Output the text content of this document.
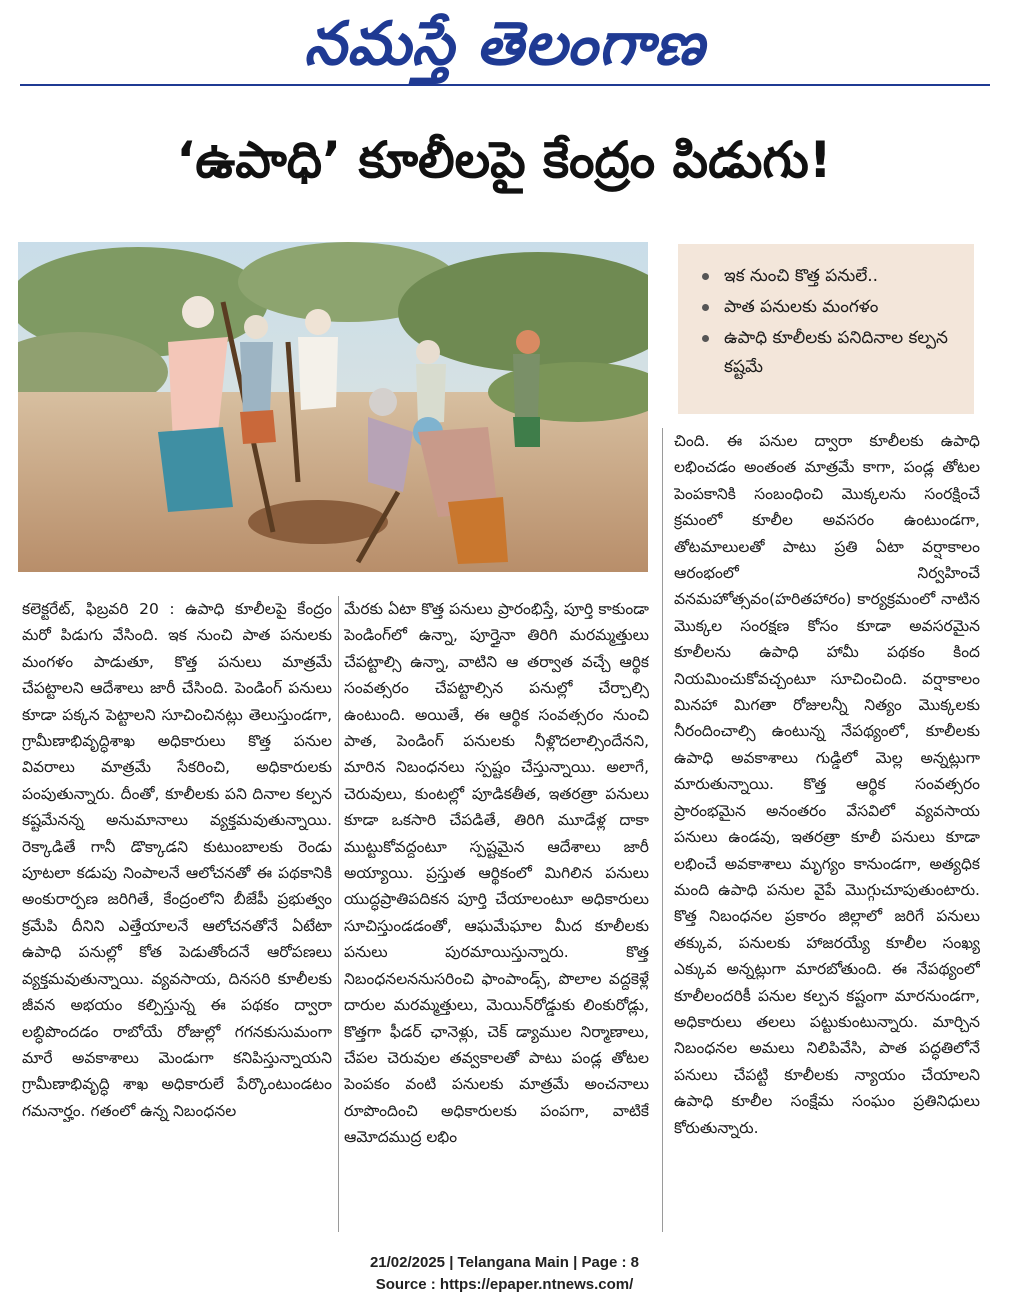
నమస్తే తెలంగాణ
‘ఉపాధి’ కూలీలపై కేంద్రం పిడుగు!
ఇక నుంచి కొత్త పనులే..
పాత పనులకు మంగళం
ఉపాధి కూలీలకు పనిదినాల కల్పన కష్టమే
కలెక్టరేట్, ఫిబ్రవరి 20 : ఉపాధి కూలీలపై కేంద్రం మరో పిడుగు వేసింది. ఇక నుంచి పాత పనులకు మంగళం పాడుతూ, కొత్త పనులు మాత్రమే చేపట్టాలని ఆదేశాలు జారీ చేసింది. పెండింగ్ పనులు కూడా పక్కన పెట్టాలని సూచించినట్లు తెలుస్తుండగా, గ్రామీణాభివృద్ధిశాఖ అధికారులు కొత్త పనుల వివరాలు మాత్రమే సేకరించి, అధికారులకు పంపుతున్నారు. దీంతో, కూలీలకు పని దినాల కల్పన కష్టమేనన్న అనుమానాలు వ్యక్తమవుతున్నాయి. రెక్కాడితే గానీ డొక్కాడని కుటుంబాలకు రెండు పూటలా కడుపు నింపాలనే ఆలోచనతో ఈ పథకానికి అంకురార్పణ జరిగితే, కేంద్రంలోని బీజేపీ ప్రభుత్వం క్రమేపి దీనిని ఎత్తేయాలనే ఆలోచనతోనే ఏటేటా ఉపాధి పనుల్లో కోత పెడుతోందనే ఆరోపణలు వ్యక్తమవుతున్నాయి. వ్యవసాయ, దినసరి కూలీలకు జీవన అభయం కల్పిస్తున్న ఈ పథకం ద్వారా లబ్ధిపొందడం రాబోయే రోజుల్లో గగనకుసుమంగా మారే అవకాశాలు మెండుగా కనిపిస్తున్నాయని గ్రామీణాభివృద్ధి శాఖ అధికారులే పేర్కొంటుండటం గమనార్హం. గతంలో ఉన్న నిబంధనల
మేరకు ఏటా కొత్త పనులు ప్రారంభిస్తే, పూర్తి కాకుండా పెండింగ్‌లో ఉన్నా, పూర్తైనా తిరిగి మరమ్మత్తులు చేపట్టాల్సి ఉన్నా, వాటిని ఆ తర్వాత వచ్చే ఆర్థిక సంవత్సరం చేపట్టాల్సిన పనుల్లో చేర్చాల్సి ఉంటుంది. అయితే, ఈ ఆర్థిక సంవత్సరం నుంచి పాత, పెండింగ్ పనులకు నీళ్లొదలాల్సిందేనని, మారిన నిబంధనలు స్పష్టం చేస్తున్నాయి. అలాగే, చెరువులు, కుంటల్లో పూడికతీత, ఇతరత్రా పనులు కూడా ఒకసారి చేపడితే, తిరిగి మూడేళ్ల దాకా ముట్టుకోవద్దంటూ స్పష్టమైన ఆదేశాలు జారీ అయ్యాయి. ప్రస్తుత ఆర్థికంలో మిగిలిన పనులు యుద్ధప్రాతిపదికన పూర్తి చేయాలంటూ అధికారులు సూచిస్తుండడంతో, ఆఘమేఘాల మీద కూలీలకు పనులు పురమాయిస్తున్నారు. కొత్త నిబంధనలననుసరించి ఫాంపాండ్స్, పొలాల వద్దకెళ్లే దారుల మరమ్మత్తులు, మెయిన్‌రోడ్డుకు లింకురోడ్లు, కొత్తగా ఫీడర్ ఛానెళ్లు, చెక్ డ్యాముల నిర్మాణాలు, చేపల చెరువుల తవ్వకాలతో పాటు పండ్ల తోటల పెంపకం వంటి పనులకు మాత్రమే అంచనాలు రూపొందించి అధికారులకు పంపగా, వాటికే ఆమోదముద్ర లభిం
చింది. ఈ పనుల ద్వారా కూలీలకు ఉపాధి లభించడం అంతంత మాత్రమే కాగా, పండ్ల తోటల పెంపకానికి సంబంధించి మొక్కలను సంరక్షించే క్రమంలో కూలీల అవసరం ఉంటుండగా, తోటమాలులతో పాటు ప్రతి ఏటా వర్షాకాలం ఆరంభంలో నిర్వహించే వనమహోత్సవం(హరితహారం) కార్యక్రమంలో నాటిన మొక్కల సంరక్షణ కోసం కూడా అవసరమైన కూలీలను ఉపాధి హామీ పథకం కింద నియమించుకోవచ్చంటూ సూచించింది. వర్షాకాలం మినహా మిగతా రోజులన్నీ నిత్యం మొక్కలకు నీరందించాల్సి ఉంటున్న నేపథ్యంలో, కూలీలకు ఉపాధి అవకాశాలు గుడ్డిలో మెల్ల అన్నట్లుగా మారుతున్నాయి. కొత్త ఆర్థిక సంవత్సరం ప్రారంభమైన అనంతరం వేసవిలో వ్యవసాయ పనులు ఉండవు, ఇతరత్రా కూలీ పనులు కూడా లభించే అవకాశాలు మృగ్యం కానుండగా, అత్యధిక మంది ఉపాధి పనుల వైపే మొగ్గుచూపుతుంటారు. కొత్త నిబంధనల ప్రకారం జిల్లాలో జరిగే పనులు తక్కువ, పనులకు హాజరయ్యే కూలీల సంఖ్య ఎక్కువ అన్నట్లుగా మారబోతుంది. ఈ నేపథ్యంలో కూలీలందరికీ పనుల కల్పన కష్టంగా మారనుండగా, అధికారులు తలలు పట్టుకుంటున్నారు. మార్చిన నిబంధనల అమలు నిలిపివేసి, పాత పద్ధతిలోనే పనులు చేపట్టి కూలీలకు న్యాయం చేయాలని ఉపాధి కూలీల సంక్షేమ సంఘం ప్రతినిధులు కోరుతున్నారు.
21/02/2025 | Telangana Main | Page : 8
Source : https://epaper.ntnews.com/
